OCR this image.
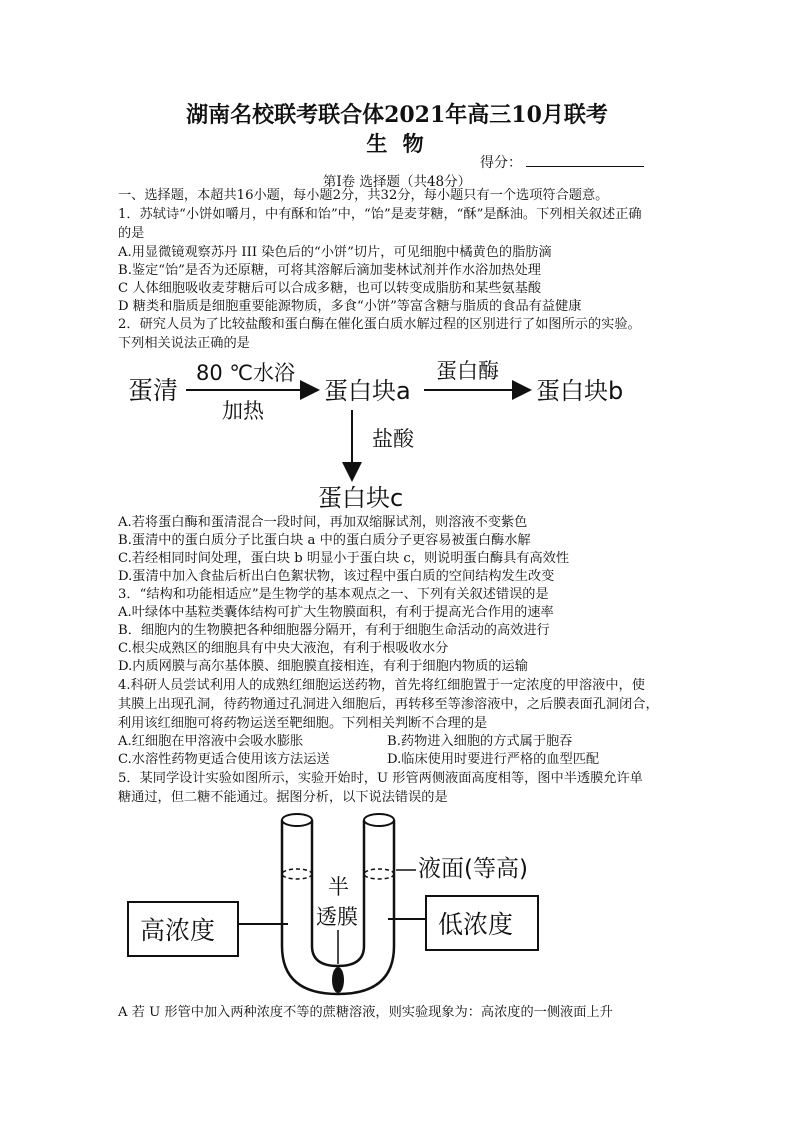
湖南名校联考联合体2021年高三10月联考
生 物
得分：
第Ⅰ卷 选择题（共48分）
一、选择题，本超共16小题，每小题2分，共32分，每小题只有一个选项符合题意。
1．苏轼诗“小饼如嚼月，中有酥和饴”中，“饴”是麦芽糖，“酥”是酥油。下列相关叙述正确
的是
A.用显微镜观察苏丹 III 染色后的“小饼”切片，可见细胞中橘黄色的脂肪滴
B.鉴定“饴”是否为还原糖，可将其溶解后滴加斐林试剂并作水浴加热处理
C 人体细胞吸收麦芽糖后可以合成多糖，也可以转变成脂肪和某些氨基酸
D 糖类和脂质是细胞重要能源物质，多食“小饼”等富含糖与脂质的食品有益健康
2．研究人员为了比较盐酸和蛋白酶在催化蛋白质水解过程的区别进行了如图所示的实验。
下列相关说法正确的是
蛋清
80 ℃水浴
加热
蛋白块a
蛋白酶
蛋白块b
盐酸
蛋白块c
A.若将蛋白酶和蛋清混合一段时间，再加双缩脲试剂，则溶液不变紫色
B.蛋清中的蛋白质分子比蛋白块 a 中的蛋白质分子更容易被蛋白酶水解
C.若经相同时间处理，蛋白块 b 明显小于蛋白块 c，则说明蛋白酶具有高效性
D.蛋清中加入食盐后析出白色絮状物，该过程中蛋白质的空间结构发生改变
3．“结构和功能相适应”是生物学的基本观点之一、下列有关叙述错误的是
A.叶绿体中基粒类囊体结构可扩大生物膜面积，有利于提高光合作用的速率
B．细胞内的生物膜把各种细胞器分隔开，有利于细胞生命活动的高效进行
C.根尖成熟区的细胞具有中央大液泡，有利于根吸收水分
D.内质网膜与高尔基体膜、细胞膜直接相连，有利于细胞内物质的运输
4.科研人员尝试利用人的成熟红细胞运送药物，首先将红细胞置于一定浓度的甲溶液中，使
其膜上出现孔洞，待药物通过孔洞进入细胞后，再转移至等渗溶液中，之后膜表面孔洞闭合，
利用该红细胞可将药物运送至靶细胞。下列相关判断不合理的是
A.红细胞在甲溶液中会吸水膨胀	B.药物进入细胞的方式属于胞吞
C.水溶性药物更适合使用该方法运送	D.临床使用时要进行严格的血型匹配
5．某同学设计实验如图所示，实验开始时，U 形管两侧液面高度相等，图中半透膜允许单
糖通过，但二糖不能通过。据图分析，以下说法错误的是
高浓度	低浓度
半
透膜
液面(等高)
A 若 U 形管中加入两种浓度不等的蔗糖溶液，则实验现象为：高浓度的一侧液面上升
